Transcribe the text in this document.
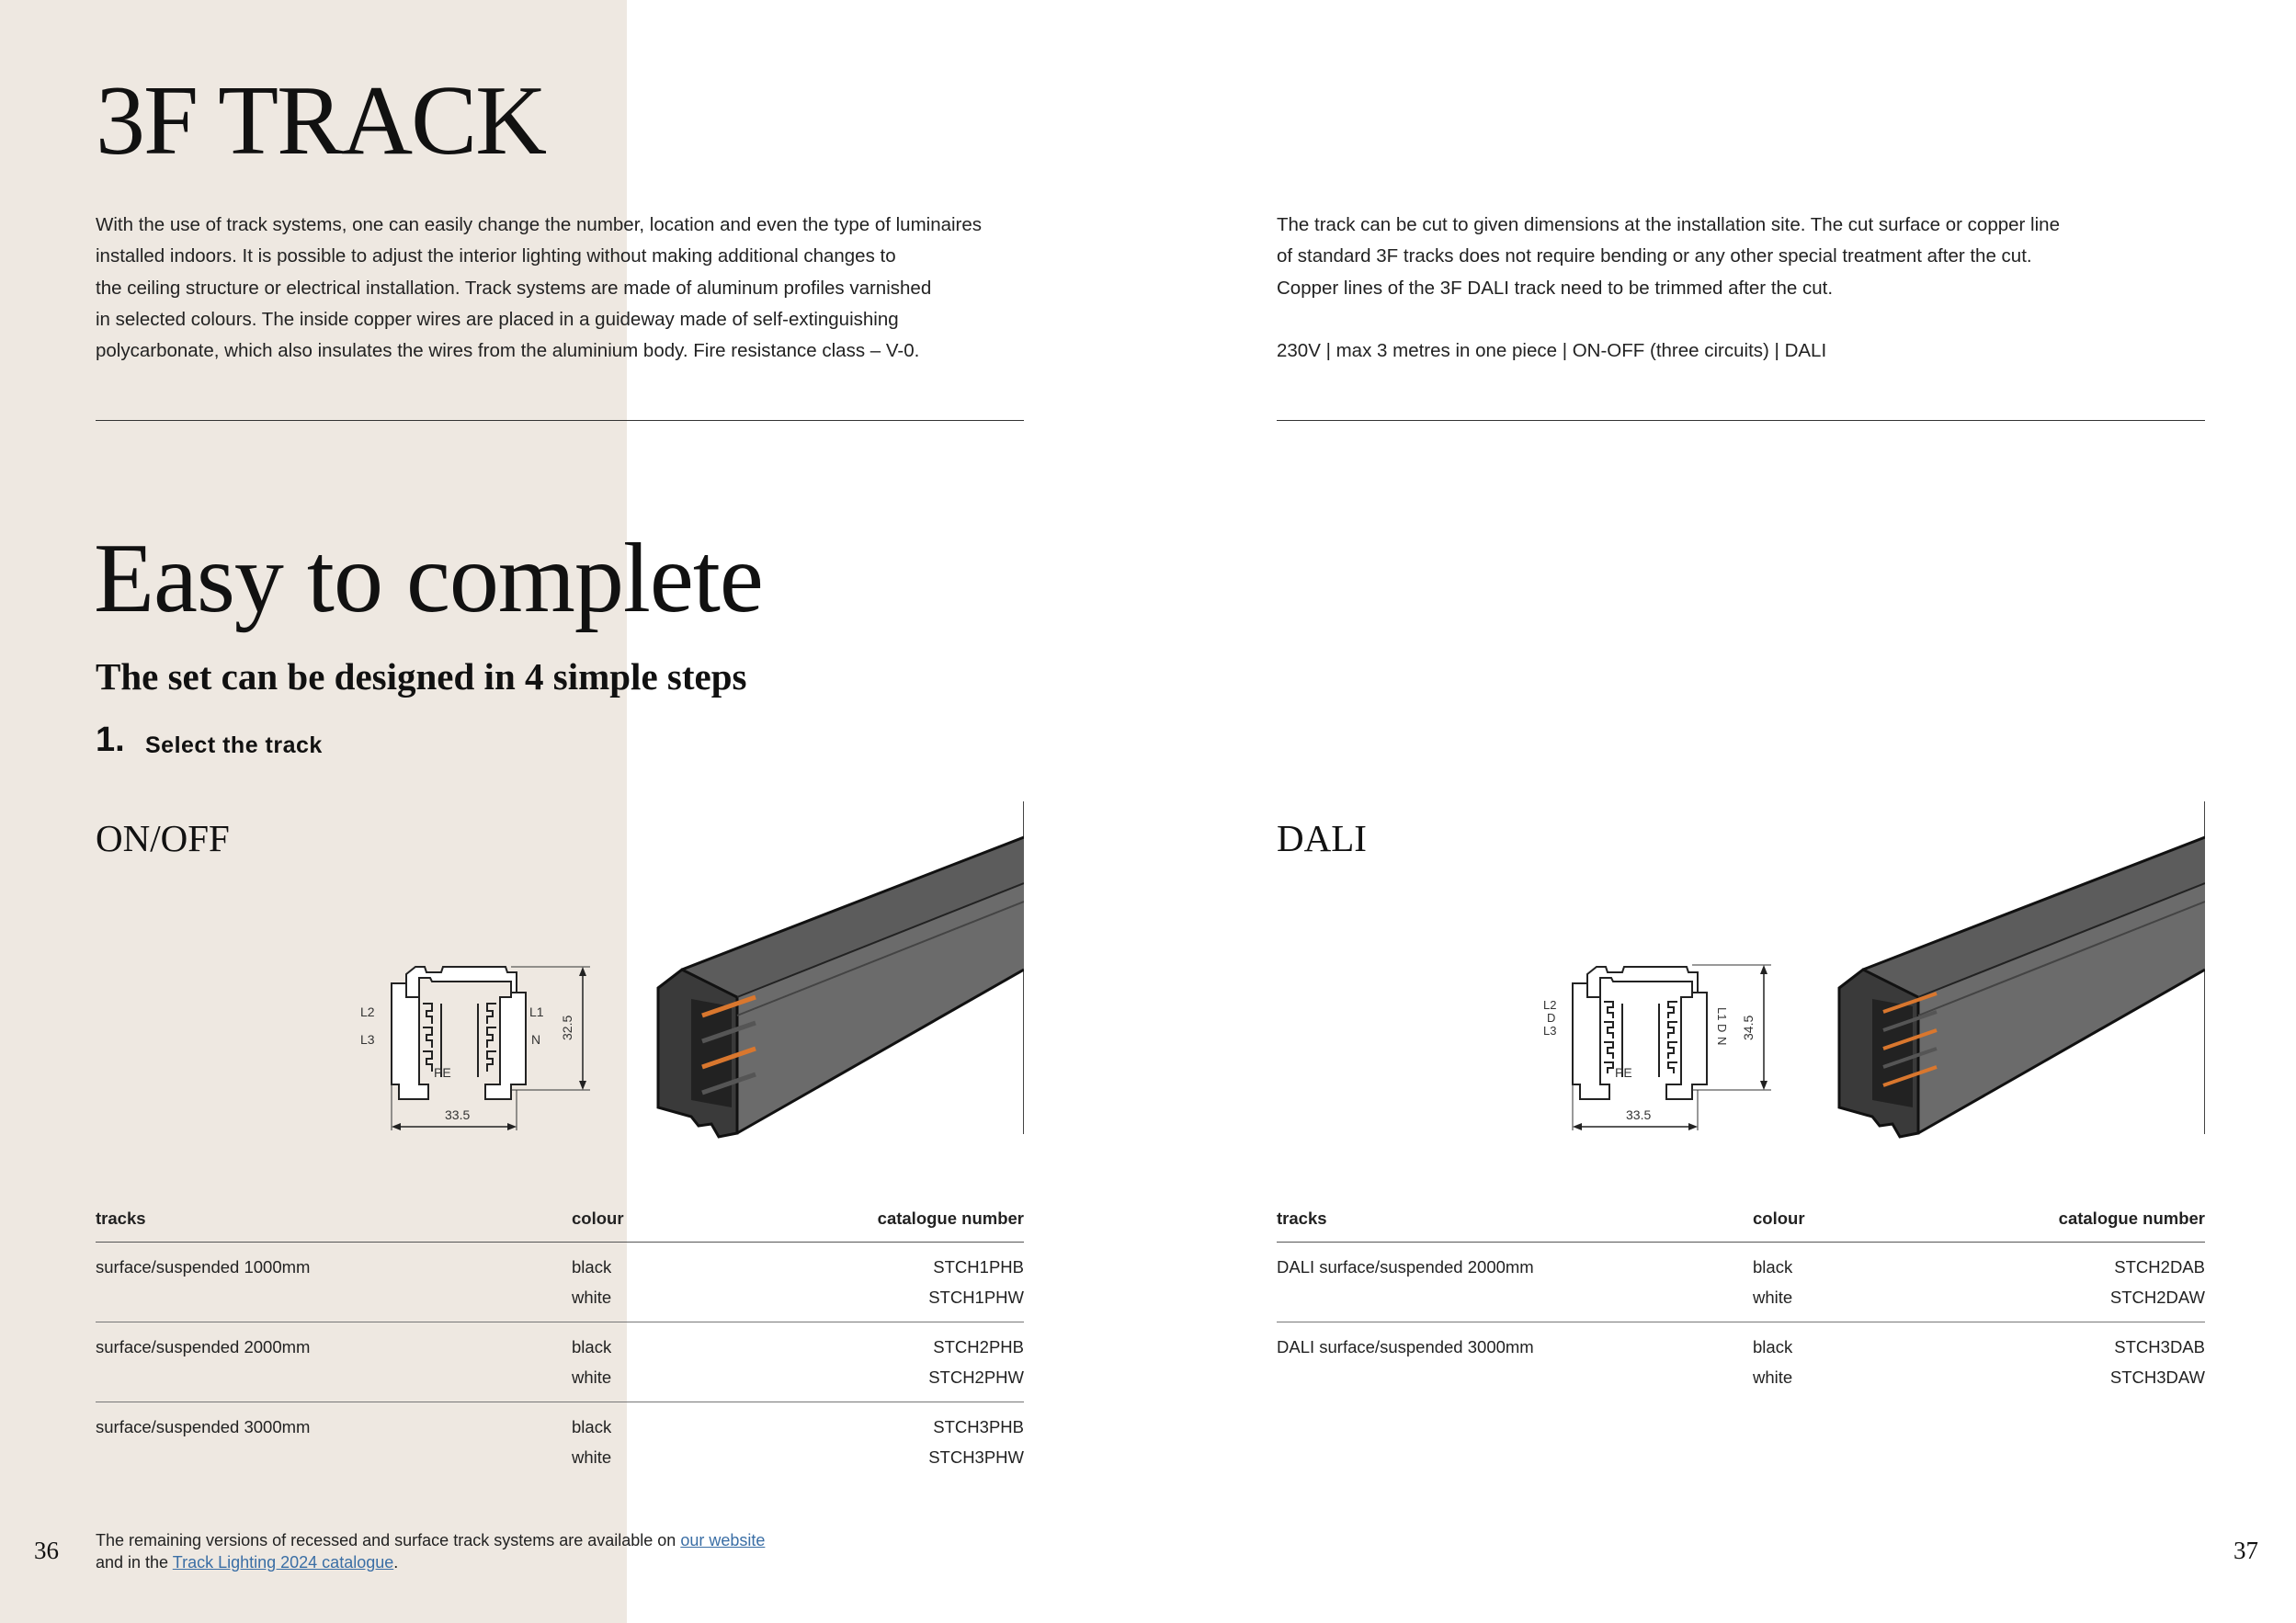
3F TRACK

With the use of track systems, one can easily change the number, location and even the type of luminaires

installed indoors. It is possible to adjust the interior lighting without making additional changes to

the ceiling structure or electrical installation. Track systems are made of aluminum profiles varnished

in selected colours. The inside copper wires are placed in a guideway made of self-extinguishing

polycarbonate, which also insulates the wires from the aluminium body. Fire resistance class – V-0.

The track can be cut to given dimensions at the installation site. The cut surface or copper line

of standard 3F tracks does not require bending or any other special treatment after the cut.

Copper lines of the 3F DALI track need to be trimmed after the cut.

230V | max 3 metres in one piece | ON-OFF (three circuits) | DALI

Easy to complete
The set can be designed in 4 simple steps
1. Select the track
ON/OFF	DALI
L2
L3
L1
N
PE
32.5
33.5
L2
D
L3
L1
D
N
PE
34.5
33.5
tracks	colour	catalogue number
surface/suspended 1000mm	black	STCH1PHB
white	STCH1PHW
surface/suspended 2000mm	black	STCH2PHB
white	STCH2PHW
surface/suspended 3000mm	black	STCH3PHB
white	STCH3PHW
tracks	colour	catalogue number
DALI surface/suspended 2000mm	black	STCH2DAB
white	STCH2DAW
DALI surface/suspended 3000mm	black	STCH3DAB
white	STCH3DAW
The remaining versions of recessed and surface track systems are available on our website
and in the Track Lighting 2024 catalogue.
36	37
